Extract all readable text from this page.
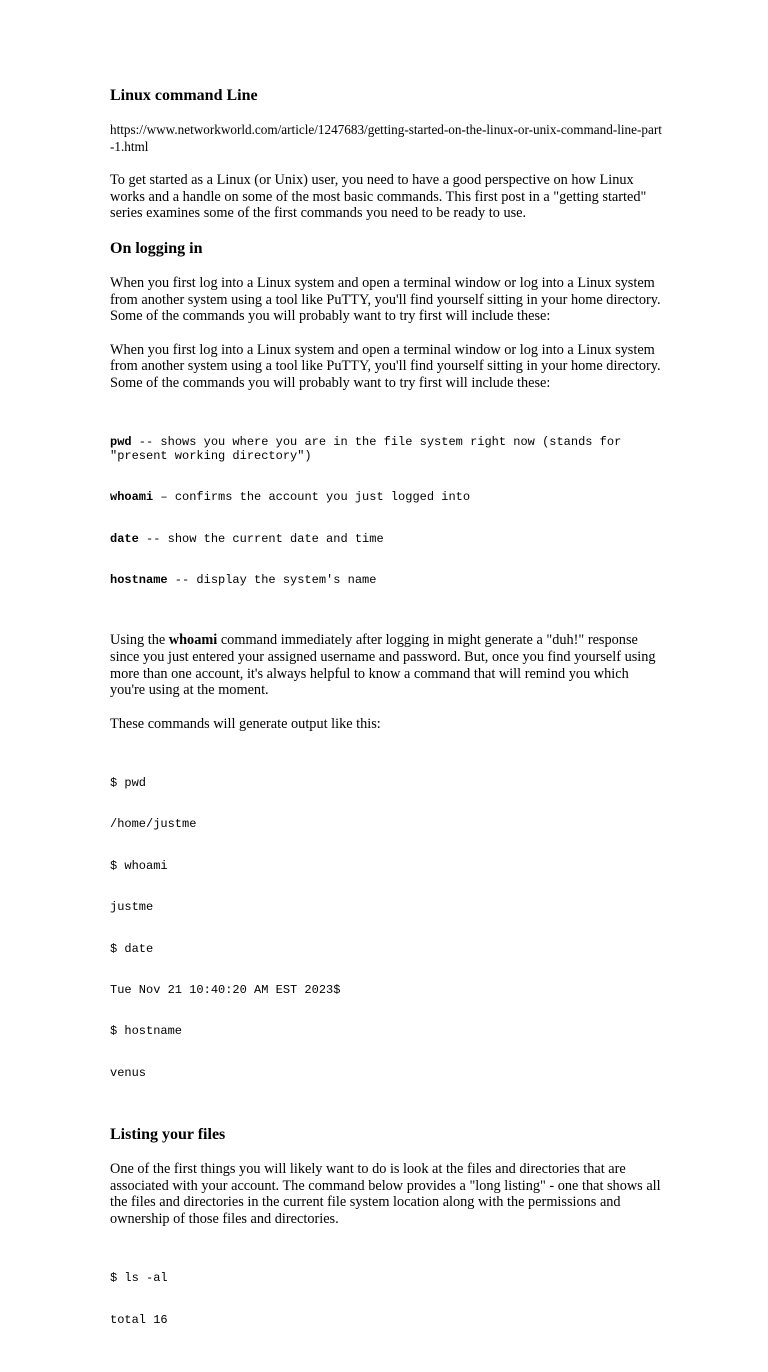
Linux command Line
https://www.networkworld.com/article/1247683/getting-started-on-the-linux-or-unix-command-line-part-1.html
To get started as a Linux (or Unix) user, you need to have a good perspective on how Linux works and a handle on some of the most basic commands. This first post in a "getting started" series examines some of the first commands you need to be ready to use.
On logging in
When you first log into a Linux system and open a terminal window or log into a Linux system from another system using a tool like PuTTY, you'll find yourself sitting in your home directory. Some of the commands you will probably want to try first will include these:
When you first log into a Linux system and open a terminal window or log into a Linux system from another system using a tool like PuTTY, you'll find yourself sitting in your home directory. Some of the commands you will probably want to try first will include these:

pwd -- shows you where you are in the file system right now (stands for "present working directory")

whoami – confirms the account you just logged into

date -- show the current date and time

hostname -- display the system's name

Using the whoami command immediately after logging in might generate a "duh!" response since you just entered your assigned username and password. But, once you find yourself using more than one account, it's always helpful to know a command that will remind you which you're using at the moment.
These commands will generate output like this:

$ pwd

/home/justme

$ whoami

justme

$ date

Tue Nov 21 10:40:20 AM EST 2023$

$ hostname

venus

Listing your files
One of the first things you will likely want to do is look at the files and directories that are associated with your account. The command below provides a "long listing" - one that shows all the files and directories in the current file system location along with the permissions and ownership of those files and directories.

$ ls -al

total 16
